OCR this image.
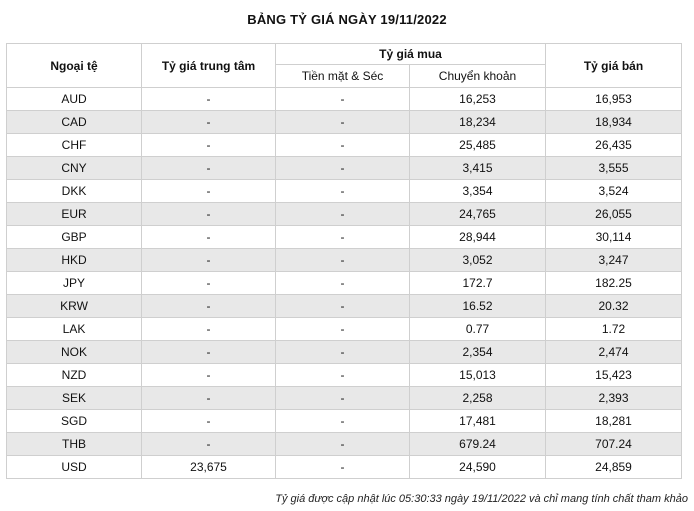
BẢNG TỶ GIÁ NGÀY 19/11/2022
Ngoại tệ	Tỷ giá trung tâm	Tỷ giá mua		Tỷ giá bán
		Tiền mặt & Séc	Chuyển khoản	
AUD	-	-	16,253	16,953
CAD	-	-	18,234	18,934
CHF	-	-	25,485	26,435
CNY	-	-	3,415	3,555
DKK	-	-	3,354	3,524
EUR	-	-	24,765	26,055
GBP	-	-	28,944	30,114
HKD	-	-	3,052	3,247
JPY	-	-	172.7	182.25
KRW	-	-	16.52	20.32
LAK	-	-	0.77	1.72
NOK	-	-	2,354	2,474
NZD	-	-	15,013	15,423
SEK	-	-	2,258	2,393
SGD	-	-	17,481	18,281
THB	-	-	679.24	707.24
USD	23,675	-	24,590	24,859
Tỷ giá được cập nhật lúc 05:30:33 ngày 19/11/2022 và chỉ mang tính chất tham khảo
